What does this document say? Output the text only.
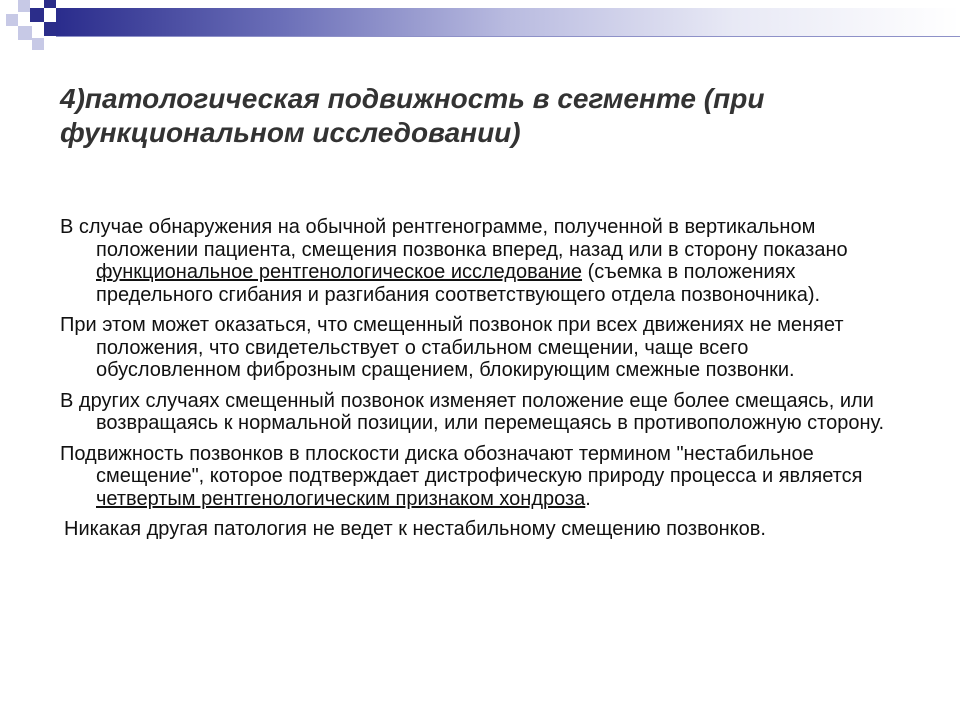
4)патологическая подвижность в сегменте (при функциональном исследовании)

В случае обнаружения на обычной рентгенограмме, полученной в вертикальном положении пациента, смещения позвонка вперед, назад или в сторону показано функциональное рентгенологическое исследование (съемка в положениях предельного сгибания и разгибания соответствующего отдела позвоночника).

При этом может оказаться, что смещенный позвонок при всех движениях не меняет положения, что свидетельствует о стабильном смещении, чаще всего обусловленном фиброзным сращением, блокирующим смежные позвонки.

В других случаях смещенный позвонок изменяет положение еще более смещаясь, или возвращаясь к нормальной позиции, или перемещаясь в противоположную сторону.

Подвижность позвонков в плоскости диска обозначают термином "нестабильное смещение", которое подтверждает дистрофическую природу процесса и является четвертым рентгенологическим признаком хондроза.

Никакая другая патология не ведет к нестабильному смещению позвонков.
